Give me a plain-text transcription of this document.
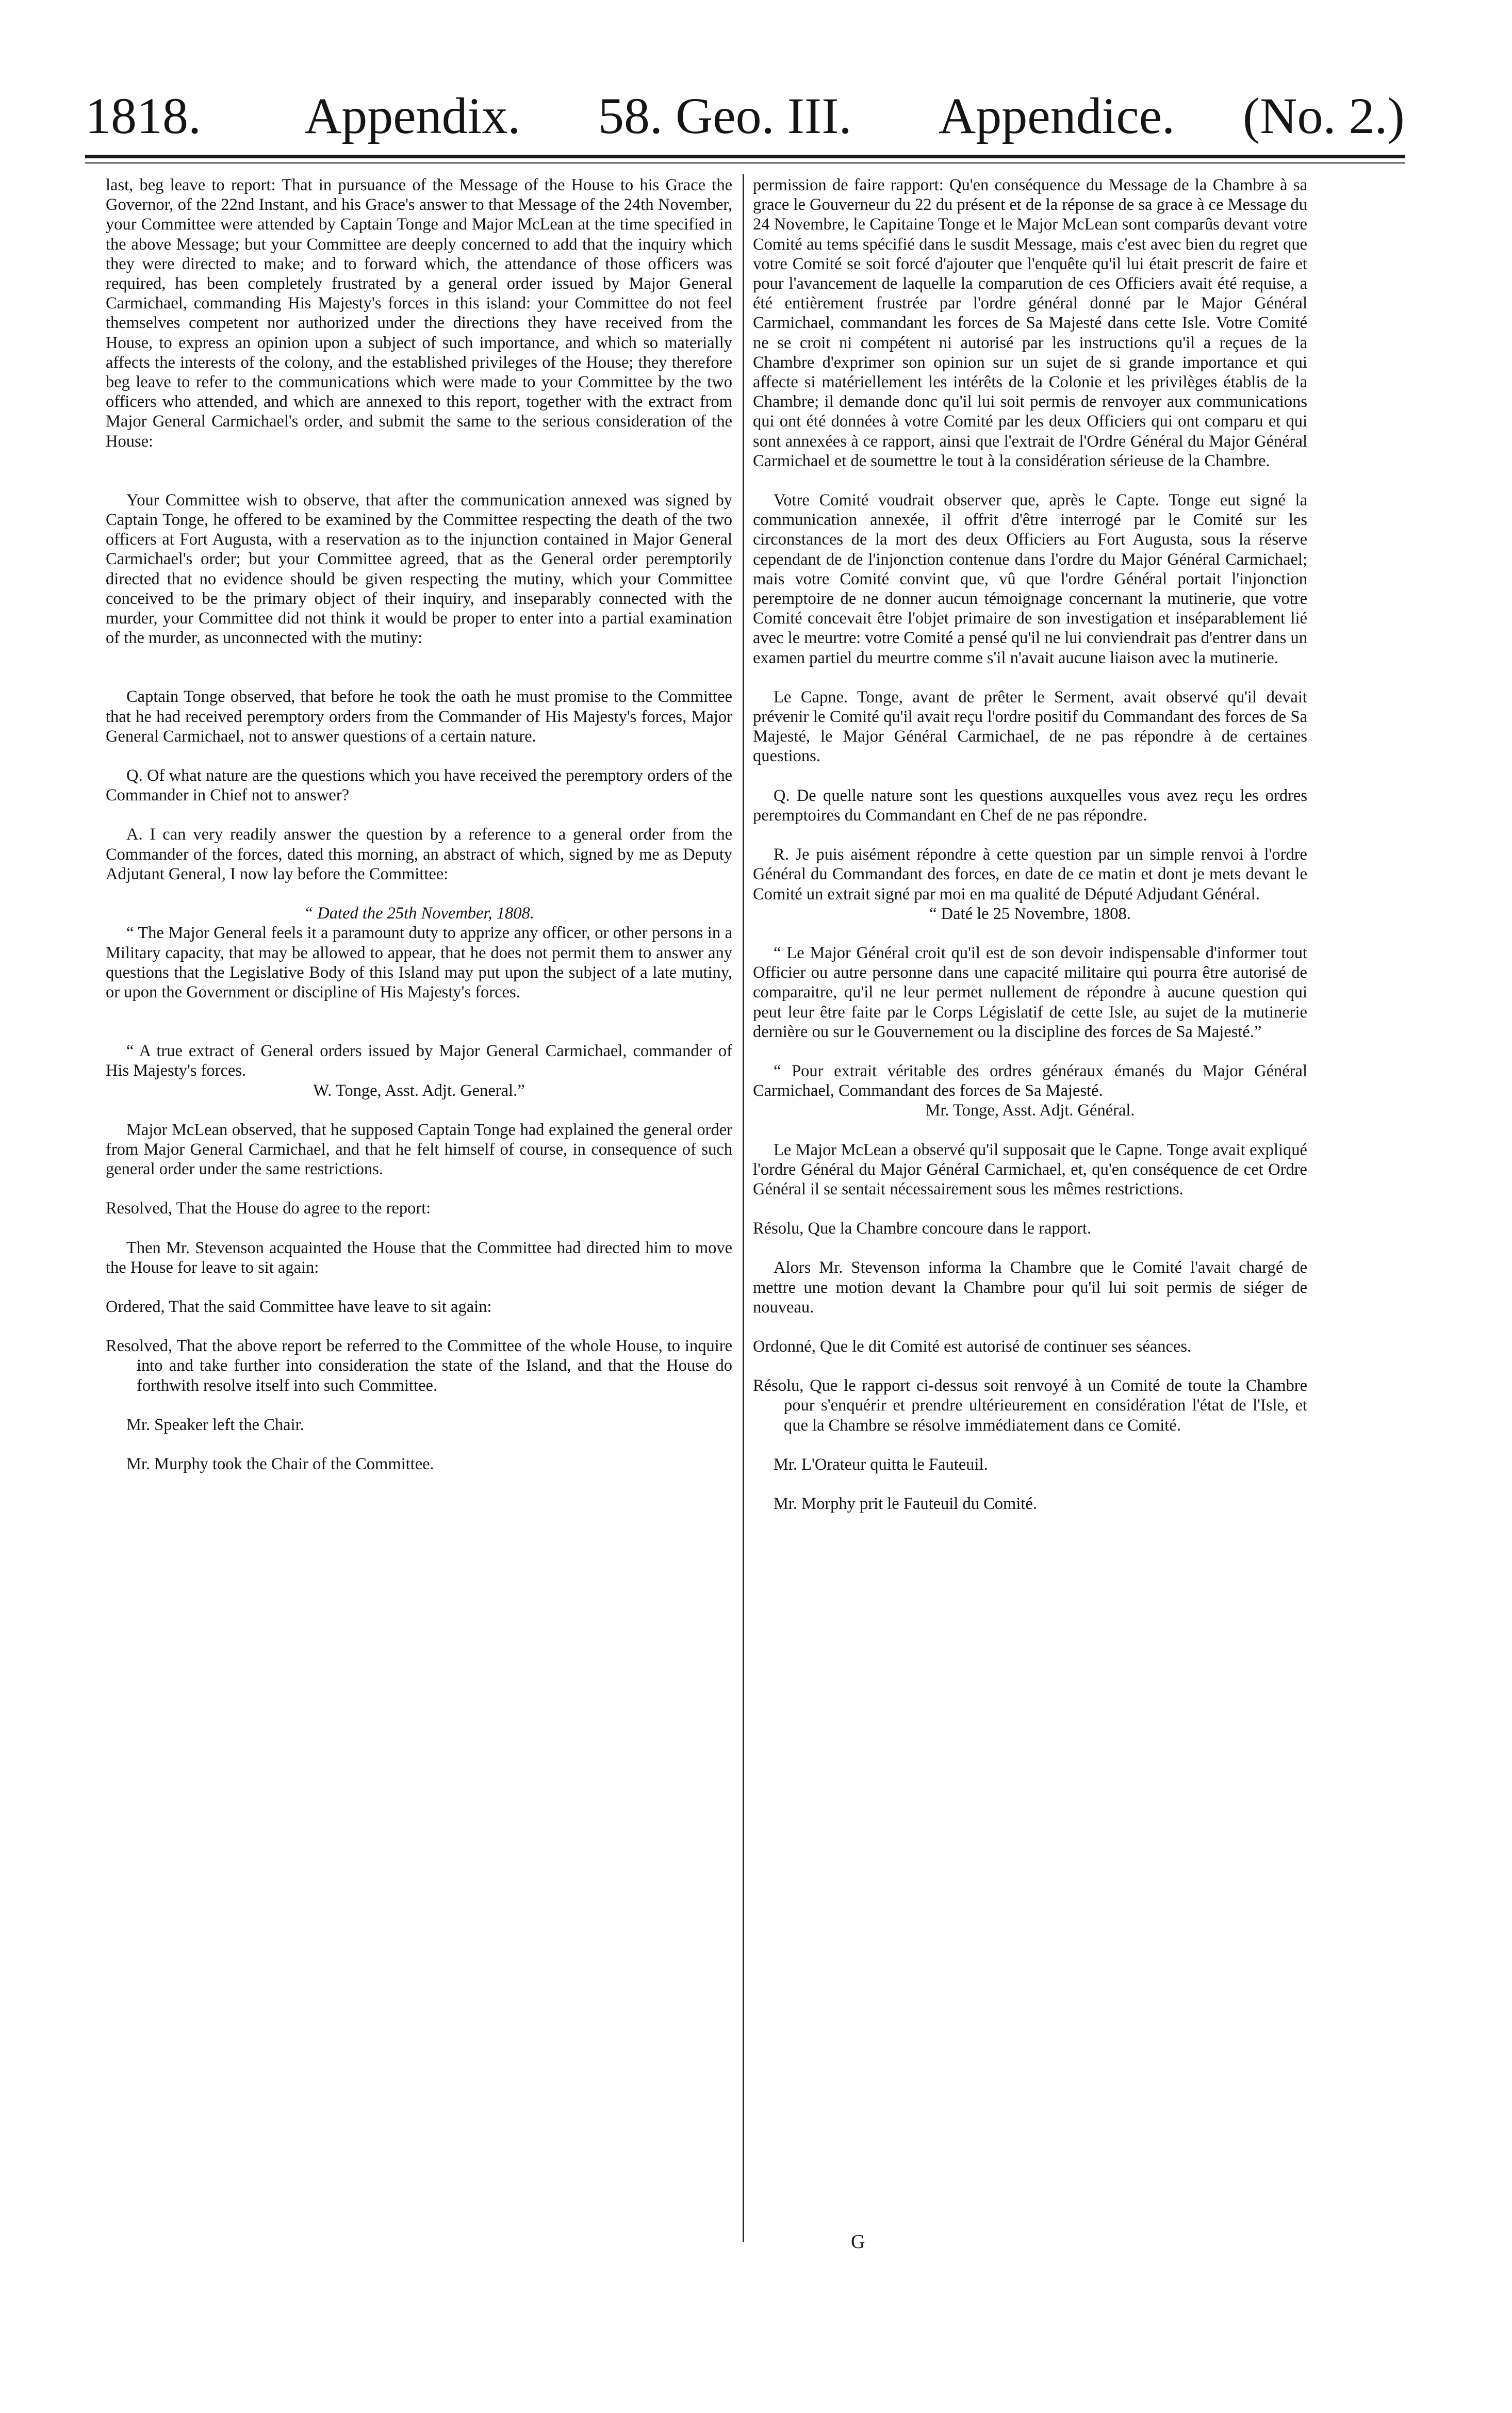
1818. Appendix. 58. Geo. III. Appendice. (No. 2.)

last, beg leave to report: That in pursuance of the Message of the House to his Grace the Governor, of the 22nd Instant, and his Grace's answer to that Message of the 24th November, your Committee were attended by Captain Tonge and Major McLean at the time specified in the above Message; but your Committee are deeply concerned to add that the inquiry which they were directed to make; and to forward which, the attendance of those officers was required, has been completely frustrated by a general order issued by Major General Carmichael, commanding His Majesty's forces in this island: your Committee do not feel themselves competent nor authorized under the directions they have received from the House, to express an opinion upon a subject of such importance, and which so materially affects the interests of the colony, and the established privileges of the House; they therefore beg leave to refer to the communications which were made to your Committee by the two officers who attended, and which are annexed to this report, together with the extract from Major General Carmichael's order, and submit the same to the serious consideration of the House:

Your Committee wish to observe, that after the communication annexed was signed by Captain Tonge, he offered to be examined by the Committee respecting the death of the two officers at Fort Augusta, with a reservation as to the injunction contained in Major General Carmichael's order; but your Committee agreed, that as the General order peremptorily directed that no evidence should be given respecting the mutiny, which your Committee conceived to be the primary object of their inquiry, and inseparably connected with the murder, your Committee did not think it would be proper to enter into a partial examination of the murder, as unconnected with the mutiny:

Captain Tonge observed, that before he took the oath he must promise to the Committee that he had received peremptory orders from the Commander of His Majesty's forces, Major General Carmichael, not to answer questions of a certain nature.

Q. Of what nature are the questions which you have received the peremptory orders of the Commander in Chief not to answer?

A. I can very readily answer the question by a reference to a general order from the Commander of the forces, dated this morning, an abstract of which, signed by me as Deputy Adjutant General, I now lay before the Committee:

“ Dated the 25th November, 1808.

“ The Major General feels it a paramount duty to apprize any officer, or other persons in a Military capacity, that may be allowed to appear, that he does not permit them to answer any questions that the Legislative Body of this Island may put upon the subject of a late mutiny, or upon the Government or discipline of His Majesty's forces.

“ A true extract of General orders issued by Major General Carmichael, commander of His Majesty's forces.

W. Tonge, Asst. Adjt. General.”

Major McLean observed, that he supposed Captain Tonge had explained the general order from Major General Carmichael, and that he felt himself of course, in consequence of such general order under the same restrictions.

Resolved, That the House do agree to the report:

Then Mr. Stevenson acquainted the House that the Committee had directed him to move the House for leave to sit again:

Ordered, That the said Committee have leave to sit again:

Resolved, That the above report be referred to the Committee of the whole House, to inquire into and take further into consideration the state of the Island, and that the House do forthwith resolve itself into such Committee.

Mr. Speaker left the Chair.

Mr. Murphy took the Chair of the Committee.

permission de faire rapport: Qu'en conséquence du Message de la Chambre à sa grace le Gouverneur du 22 du présent et de la réponse de sa grace à ce Message du 24 Novembre, le Capitaine Tonge et le Major McLean sont comparûs devant votre Comité au tems spécifié dans le susdit Message, mais c'est avec bien du regret que votre Comité se soit forcé d'ajouter que l'enquête qu'il lui était prescrit de faire et pour l'avancement de laquelle la comparution de ces Officiers avait été requise, a été entièrement frustrée par l'ordre général donné par le Major Général Carmichael, commandant les forces de Sa Majesté dans cette Isle. Votre Comité ne se croit ni compétent ni autorisé par les instructions qu'il a reçues de la Chambre d'exprimer son opinion sur un sujet de si grande importance et qui affecte si matériellement les intérêts de la Colonie et les privilèges établis de la Chambre; il demande donc qu'il lui soit permis de renvoyer aux communications qui ont été données à votre Comité par les deux Officiers qui ont comparu et qui sont annexées à ce rapport, ainsi que l'extrait de l'Ordre Général du Major Général Carmichael et de soumettre le tout à la considération sérieuse de la Chambre.

Votre Comité voudrait observer que, après le Capte. Tonge eut signé la communication annexée, il offrit d'être interrogé par le Comité sur les circonstances de la mort des deux Officiers au Fort Augusta, sous la réserve cependant de de l'injonction contenue dans l'ordre du Major Général Carmichael; mais votre Comité convint que, vû que l'ordre Général portait l'injonction peremptoire de ne donner aucun témoignage concernant la mutinerie, que votre Comité concevait être l'objet primaire de son investigation et inséparablement lié avec le meurtre: votre Comité a pensé qu'il ne lui conviendrait pas d'entrer dans un examen partiel du meurtre comme s'il n'avait aucune liaison avec la mutinerie.

Le Capne. Tonge, avant de prêter le Serment, avait observé qu'il devait prévenir le Comité qu'il avait reçu l'ordre positif du Commandant des forces de Sa Majesté, le Major Général Carmichael, de ne pas répondre à de certaines questions.

Q. De quelle nature sont les questions auxquelles vous avez reçu les ordres peremptoires du Commandant en Chef de ne pas répondre.

R. Je puis aisément répondre à cette question par un simple renvoi à l'ordre Général du Commandant des forces, en date de ce matin et dont je mets devant le Comité un extrait signé par moi en ma qualité de Député Adjudant Général.

“ Daté le 25 Novembre, 1808.

“ Le Major Général croit qu'il est de son devoir indispensable d'informer tout Officier ou autre personne dans une capacité militaire qui pourra être autorisé de comparaitre, qu'il ne leur permet nullement de répondre à aucune question qui peut leur être faite par le Corps Législatif de cette Isle, au sujet de la mutinerie dernière ou sur le Gouvernement ou la discipline des forces de Sa Majesté.”

“ Pour extrait véritable des ordres généraux émanés du Major Général Carmichael, Commandant des forces de Sa Majesté.

Mr. Tonge, Asst. Adjt. Général.

Le Major McLean a observé qu'il supposait que le Capne. Tonge avait expliqué l'ordre Général du Major Général Carmichael, et, qu'en conséquence de cet Ordre Général il se sentait nécessairement sous les mêmes restrictions.

Résolu, Que la Chambre concoure dans le rapport.

Alors Mr. Stevenson informa la Chambre que le Comité l'avait chargé de mettre une motion devant la Chambre pour qu'il lui soit permis de siéger de nouveau.

Ordonné, Que le dit Comité est autorisé de continuer ses séances.

Résolu, Que le rapport ci-dessus soit renvoyé à un Comité de toute la Chambre pour s'enquérir et prendre ultérieurement en considération l'état de l'Isle, et que la Chambre se résolve immédiatement dans ce Comité.

Mr. L'Orateur quitta le Fauteuil.

Mr. Morphy prit le Fauteuil du Comité.

G
